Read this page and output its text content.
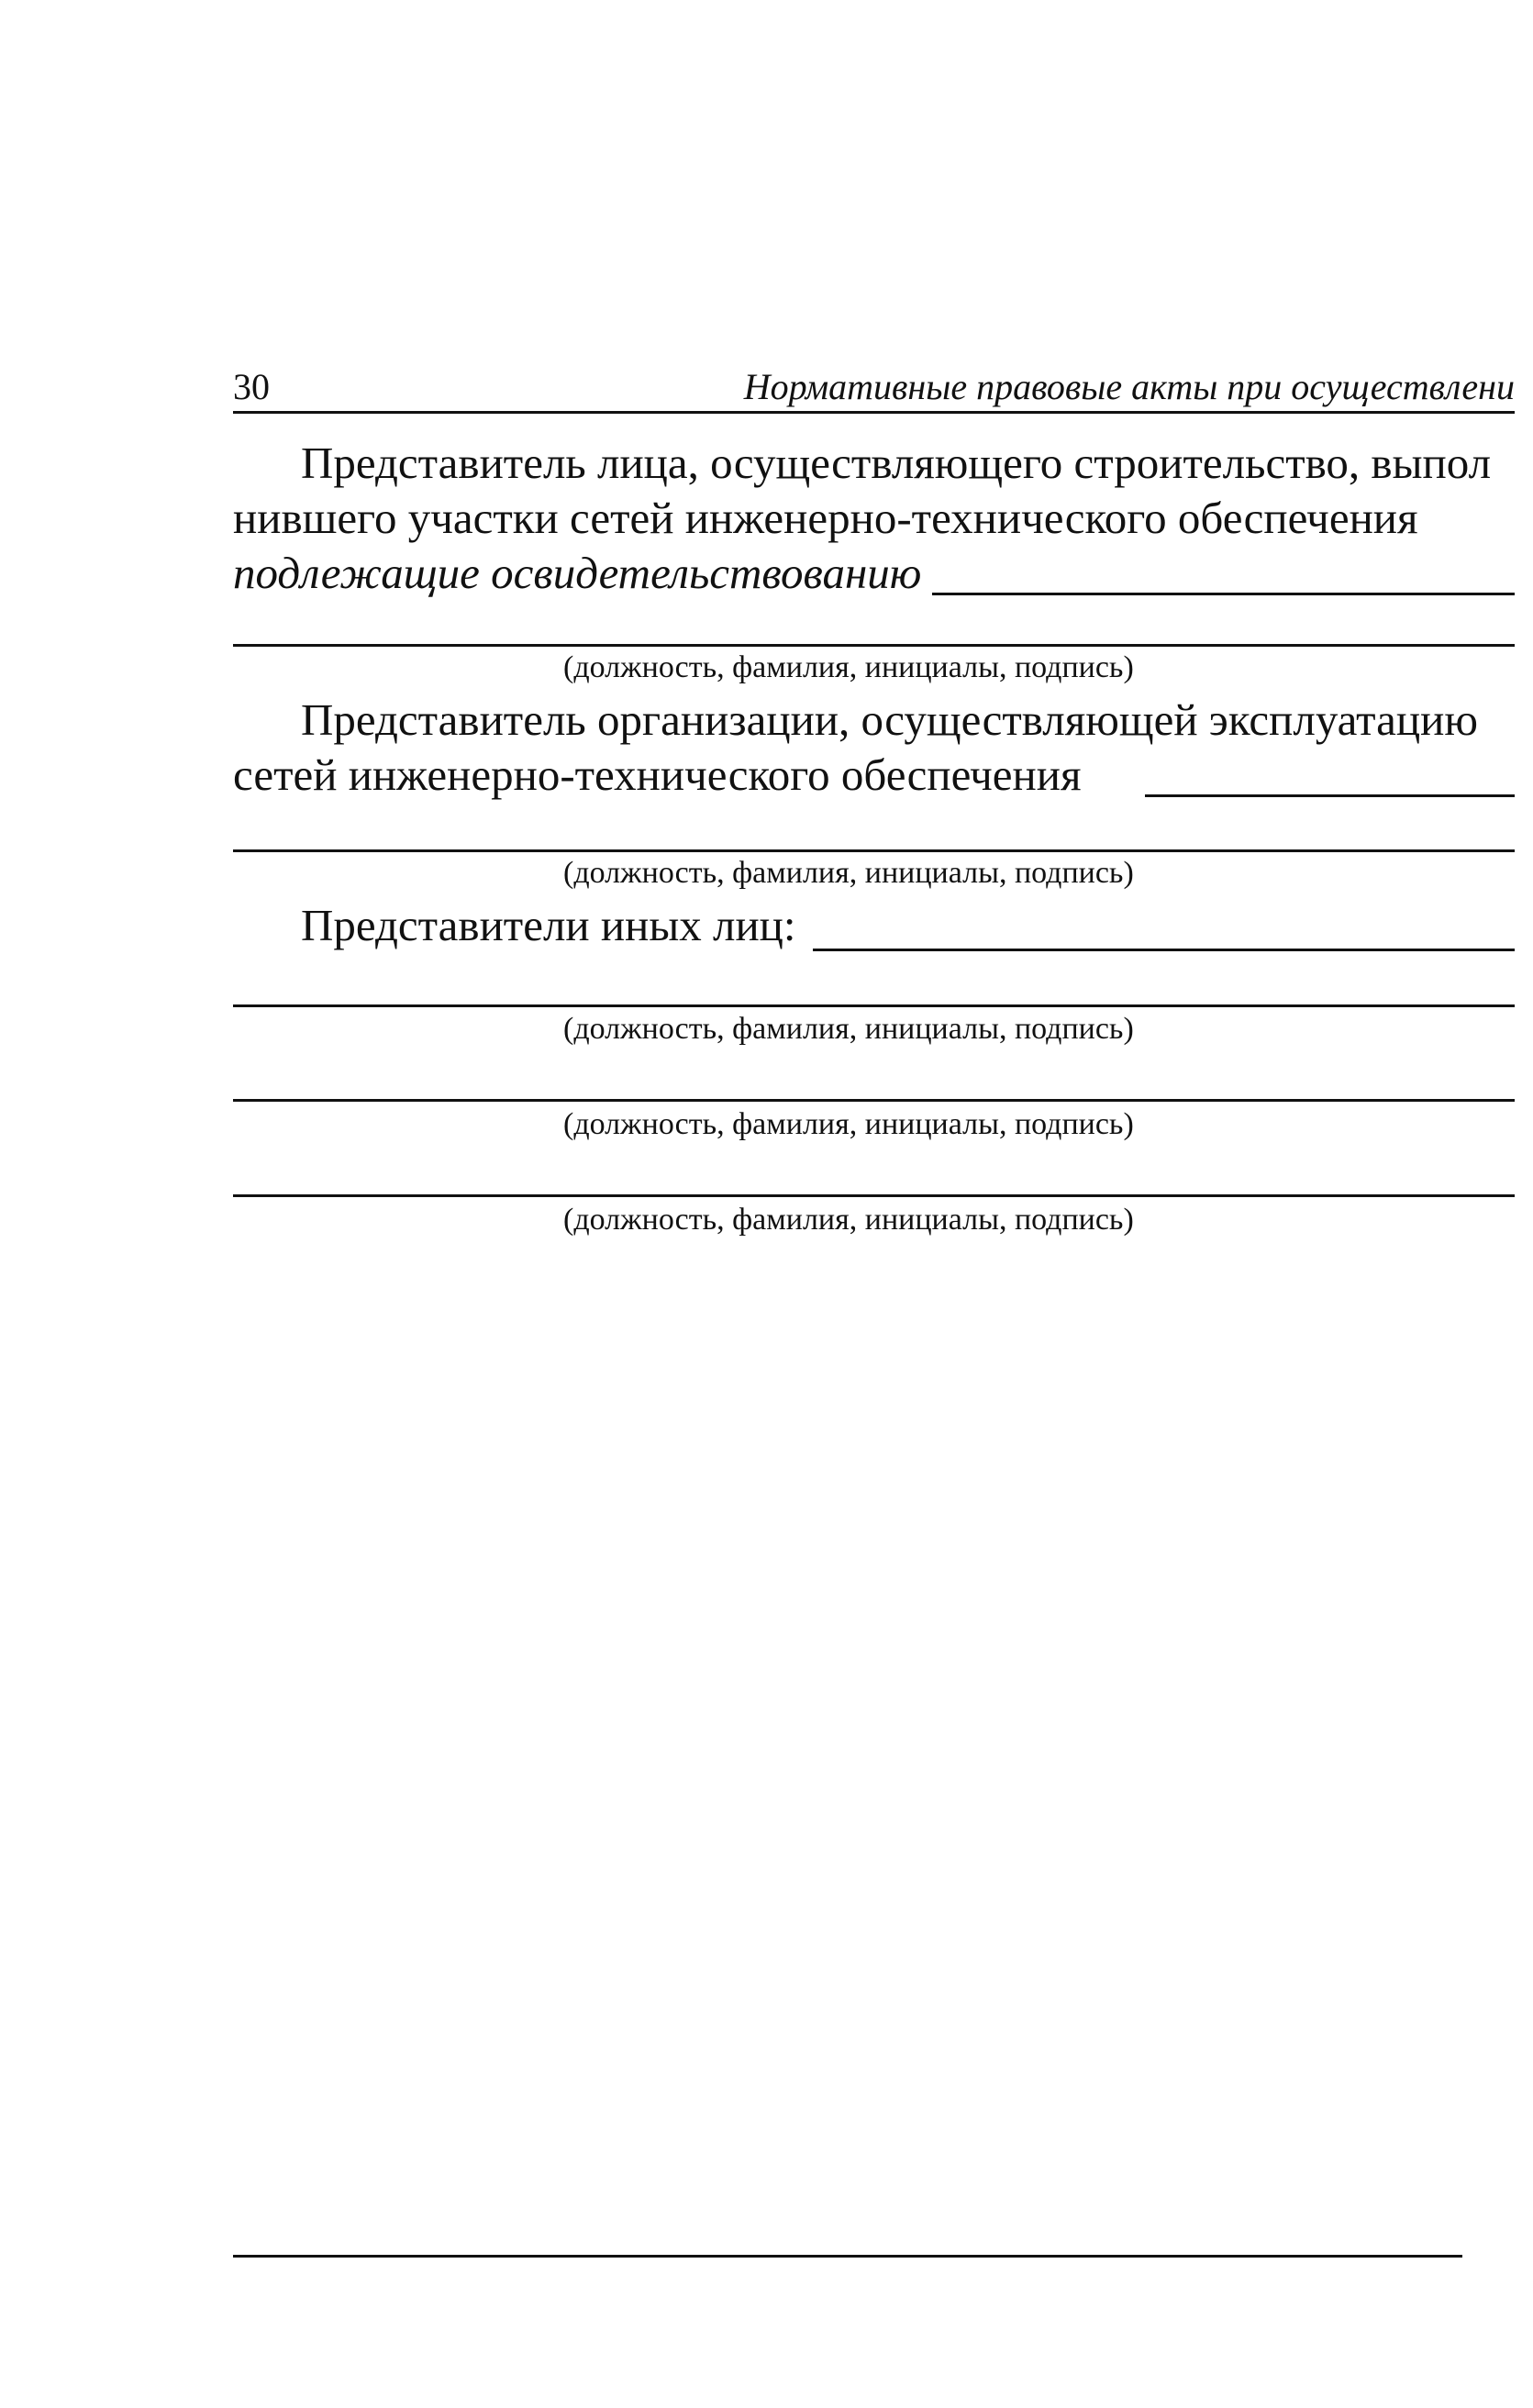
30	Нормативные правовые акты при осуществлени
Представитель лица, осуществляющего строительство, выпол
нившего участки сетей инженерно-технического обеспечения
подлежащие освидетельствованию
(должность, фамилия, инициалы, подпись)
Представитель организации, осуществляющей эксплуатацию
сетей инженерно-технического обеспечения
(должность, фамилия, инициалы, подпись)
Представители иных лиц:
(должность, фамилия, инициалы, подпись)
(должность, фамилия, инициалы, подпись)
(должность, фамилия, инициалы, подпись)
